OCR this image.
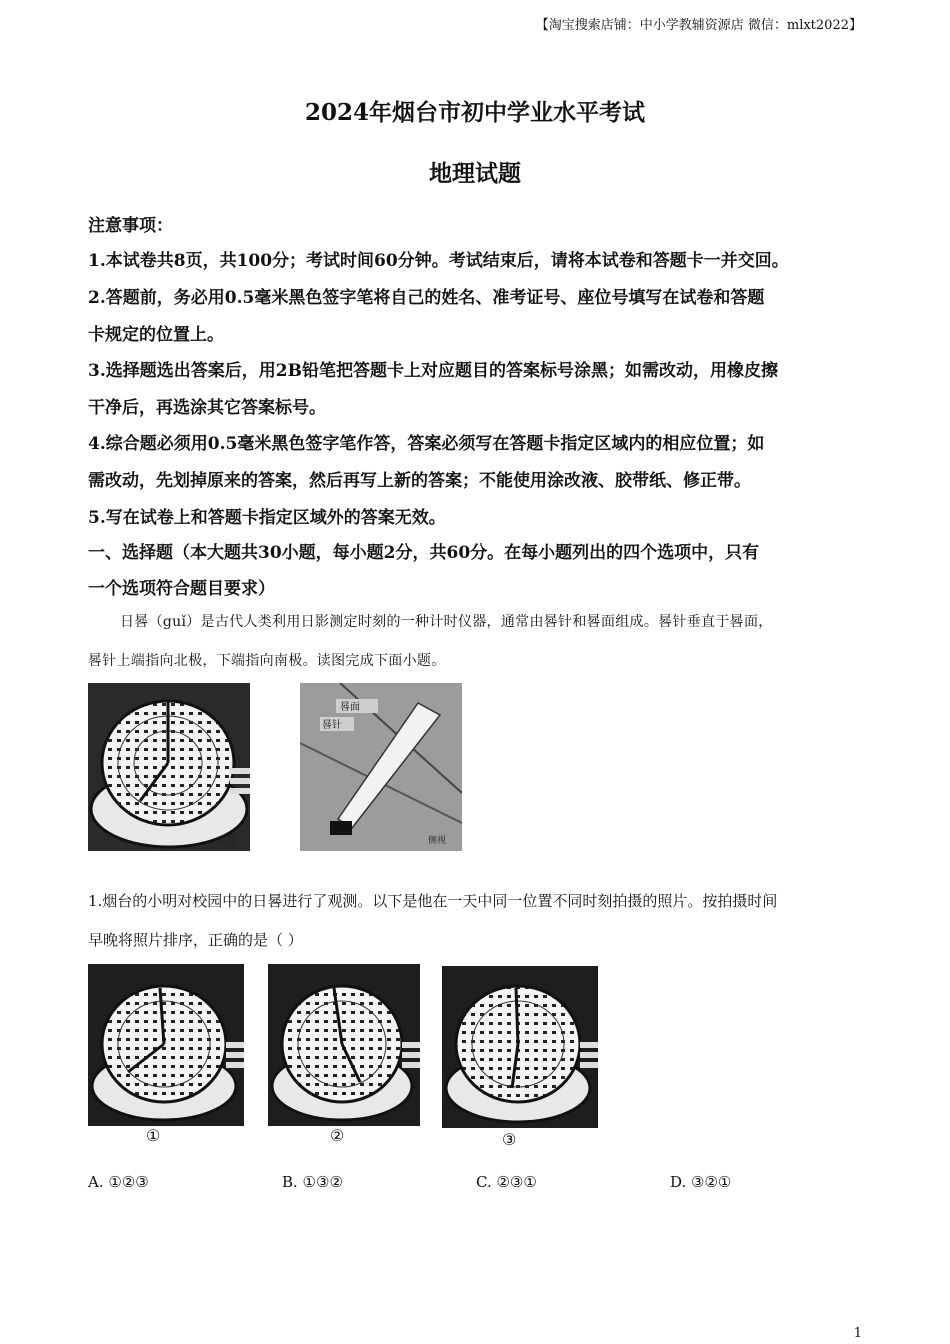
【淘宝搜索店铺：中小学教辅资源店 微信：mlxt2022】
2024年烟台市初中学业水平考试
地理试题
注意事项：
1.本试卷共8页，共100分；考试时间60分钟。考试结束后，请将本试卷和答题卡一并交回。
2.答题前，务必用0.5毫米黑色签字笔将自己的姓名、准考证号、座位号填写在试卷和答题
卡规定的位置上。
3.选择题选出答案后，用2B铅笔把答题卡上对应题目的答案标号涂黑；如需改动，用橡皮擦
干净后，再选涂其它答案标号。
4.综合题必须用0.5毫米黑色签字笔作答，答案必须写在答题卡指定区域内的相应位置；如
需改动，先划掉原来的答案，然后再写上新的答案；不能使用涂改液、胶带纸、修正带。
5.写在试卷上和答题卡指定区域外的答案无效。
一、选择题（本大题共30小题，每小题2分，共60分。在每小题列出的四个选项中，只有
一个选项符合题目要求）
日晷（guǐ）是古代人类利用日影测定时刻的一种计时仪器，通常由晷针和晷面组成。晷针垂直于晷面，
晷针上端指向北极，下端指向南极。读图完成下面小题。
正视
晷面
晷针
侧视
1.烟台的小明对校园中的日晷进行了观测。以下是他在一天中同一位置不同时刻拍摄的照片。按拍摄时间
早晚将照片排序，正确的是（ ）
①	②	③
A. ①②③	B. ①③②	C. ②③①	D. ③②①
1
